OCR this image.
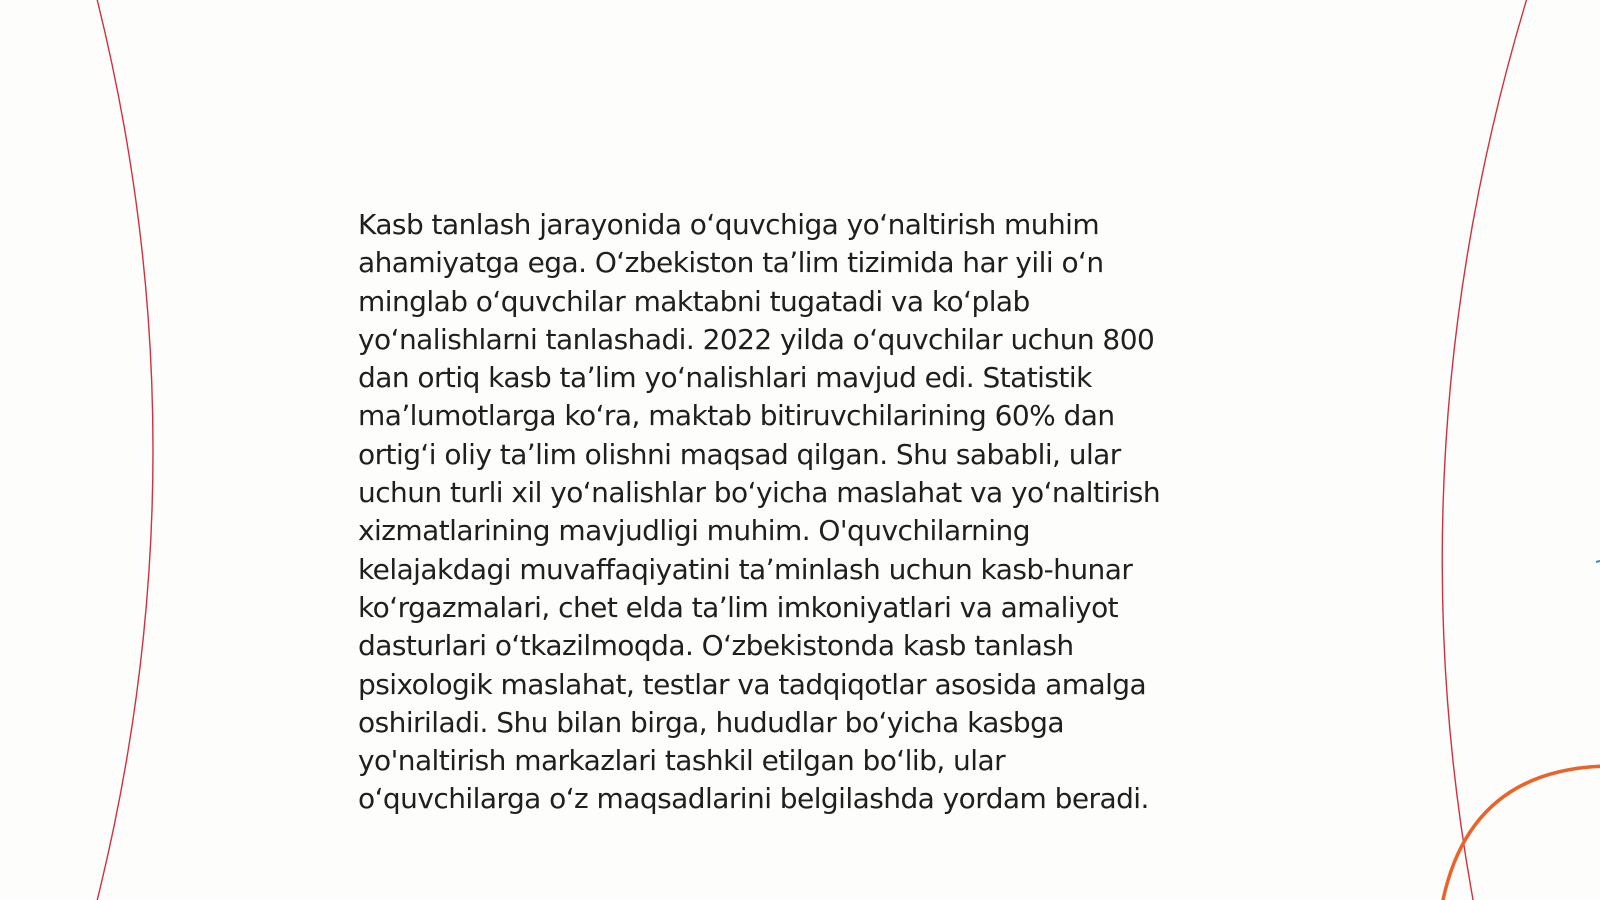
Kasb tanlash jarayonida oʻquvchiga yoʻnaltirish muhim
ahamiyatga ega. Oʻzbekiston taʼlim tizimida har yili oʻn
minglab oʻquvchilar maktabni tugatadi va koʻplab
yoʻnalishlarni tanlashadi. 2022 yilda oʻquvchilar uchun 800
dan ortiq kasb taʼlim yoʻnalishlari mavjud edi. Statistik
maʼlumotlarga koʻra, maktab bitiruvchilarining 60% dan
ortigʻi oliy taʼlim olishni maqsad qilgan. Shu sababli, ular
uchun turli xil yoʻnalishlar boʻyicha maslahat va yoʻnaltirish
xizmatlarining mavjudligi muhim. O'quvchilarning
kelajakdagi muvaffaqiyatini taʼminlash uchun kasb-hunar
koʻrgazmalari, chet elda taʼlim imkoniyatlari va amaliyot
dasturlari oʻtkazilmoqda. Oʻzbekistonda kasb tanlash
psixologik maslahat, testlar va tadqiqotlar asosida amalga
oshiriladi. Shu bilan birga, hududlar boʻyicha kasbga
yo'naltirish markazlari tashkil etilgan boʻlib, ular
oʻquvchilarga oʻz maqsadlarini belgilashda yordam beradi.
